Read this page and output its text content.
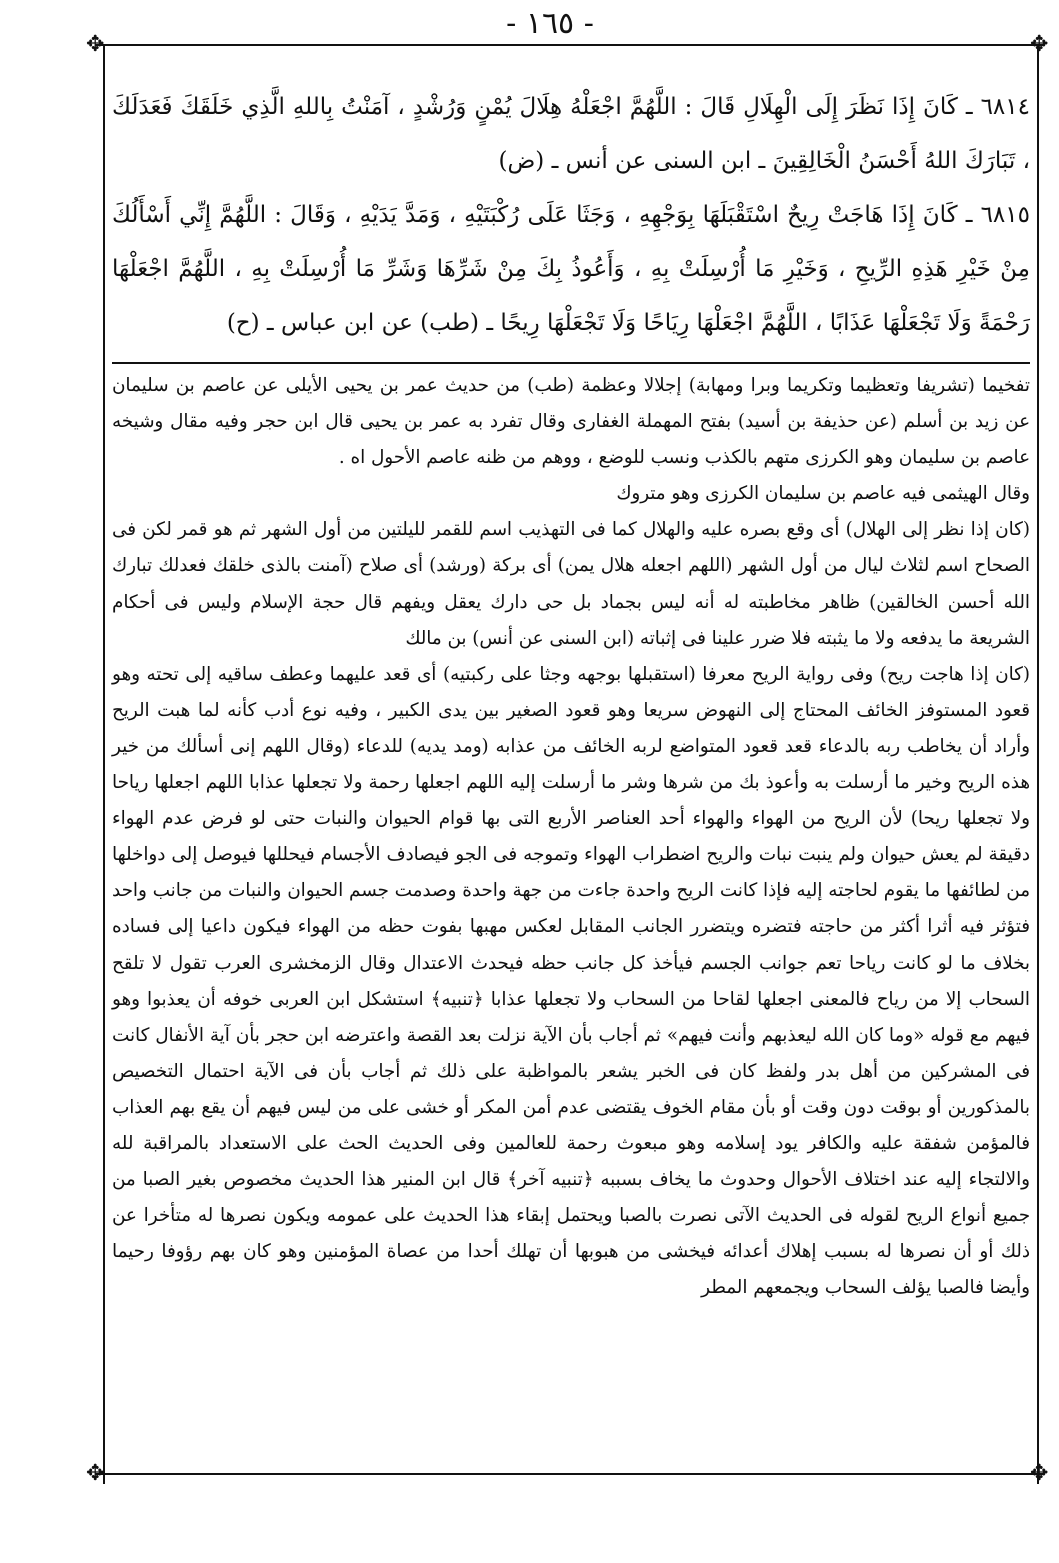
✥	✥
✥	✥
- ١٦٥ -

٦٨١٤ ـ كَانَ إِذَا نَظَرَ إِلَى الْهِلَالِ قَالَ : اللَّهُمَّ اجْعَلْهُ هِلَالَ يُمْنٍ وَرُشْدٍ ، آمَنْتُ بِاللهِ الَّذِي خَلَقَكَ فَعَدَلَكَ ، تَبَارَكَ اللهُ أَحْسَنُ الْخَالِقِينَ ـ ابن السنى عن أنس ـ (ض)

٦٨١٥ ـ كَانَ إِذَا هَاجَتْ رِيحٌ اسْتَقْبَلَهَا بِوَجْهِهِ ، وَجَثَا عَلَى رُكْبَتَيْهِ ، وَمَدَّ يَدَيْهِ ، وَقَالَ : اللَّهُمَّ إِنِّي أَسْأَلُكَ مِنْ خَيْرِ هَذِهِ الرِّيحِ ، وَخَيْرِ مَا أُرْسِلَتْ بِهِ ، وَأَعُوذُ بِكَ مِنْ شَرِّهَا وَشَرِّ مَا أُرْسِلَتْ بِهِ ، اللَّهُمَّ اجْعَلْهَا رَحْمَةً وَلَا تَجْعَلْهَا عَذَابًا ، اللَّهُمَّ اجْعَلْهَا رِيَاحًا وَلَا تَجْعَلْهَا رِيحًا ـ (طب) عن ابن عباس ـ (ح)

تفخيما (تشريفا وتعظيما وتكريما وبرا ومهابة) إجلالا وعظمة (طب) من حديث عمر بن يحيى الأيلى عن عاصم بن سليمان عن زيد بن أسلم (عن حذيفة بن أسيد) بفتح المهملة الغفارى وقال تفرد به عمر بن يحيى قال ابن حجر وفيه مقال وشيخه عاصم بن سليمان وهو الكرزى متهم بالكذب ونسب للوضع ، ووهم من ظنه عاصم الأحول اه .

وقال الهيثمى فيه عاصم بن سليمان الكرزى وهو متروك

(كان إذا نظر إلى الهلال) أى وقع بصره عليه والهلال كما فى التهذيب اسم للقمر لليلتين من أول الشهر ثم هو قمر لكن فى الصحاح اسم لثلاث ليال من أول الشهر (اللهم اجعله هلال يمن) أى بركة (ورشد) أى صلاح (آمنت بالذى خلقك فعدلك تبارك الله أحسن الخالقين) ظاهر مخاطبته له أنه ليس بجماد بل حى دارك يعقل ويفهم قال حجة الإسلام وليس فى أحكام الشريعة ما يدفعه ولا ما يثبته فلا ضرر علينا فى إثباته (ابن السنى عن أنس) بن مالك

(كان إذا هاجت ريح) وفى رواية الريح معرفا (استقبلها بوجهه وجثا على ركبتيه) أى قعد عليهما وعطف ساقيه إلى تحته وهو قعود المستوفز الخائف المحتاج إلى النهوض سريعا وهو قعود الصغير بين يدى الكبير ، وفيه نوع أدب كأنه لما هبت الريح وأراد أن يخاطب ربه بالدعاء قعد قعود المتواضع لربه الخائف من عذابه (ومد يديه) للدعاء (وقال اللهم إنى أسألك من خير هذه الريح وخير ما أرسلت به وأعوذ بك من شرها وشر ما أرسلت إليه اللهم اجعلها رحمة ولا تجعلها عذابا اللهم اجعلها رياحا ولا تجعلها ريحا) لأن الريح من الهواء والهواء أحد العناصر الأربع التى بها قوام الحيوان والنبات حتى لو فرض عدم الهواء دقيقة لم يعش حيوان ولم ينبت نبات والريح اضطراب الهواء وتموجه فى الجو فيصادف الأجسام فيحللها فيوصل إلى دواخلها من لطائفها ما يقوم لحاجته إليه فإذا كانت الريح واحدة جاءت من جهة واحدة وصدمت جسم الحيوان والنبات من جانب واحد فتؤثر فيه أثرا أكثر من حاجته فتضره ويتضرر الجانب المقابل لعكس مهبها بفوت حظه من الهواء فيكون داعيا إلى فساده بخلاف ما لو كانت رياحا تعم جوانب الجسم فيأخذ كل جانب حظه فيحدث الاعتدال وقال الزمخشرى العرب تقول لا تلقح السحاب إلا من رياح فالمعنى اجعلها لقاحا من السحاب ولا تجعلها عذابا ﴿تنبيه﴾ استشكل ابن العربى خوفه أن يعذبوا وهو فيهم مع قوله «وما كان الله ليعذبهم وأنت فيهم» ثم أجاب بأن الآية نزلت بعد القصة واعترضه ابن حجر بأن آية الأنفال كانت فى المشركين من أهل بدر ولفظ كان فى الخبر يشعر بالمواظبة على ذلك ثم أجاب بأن فى الآية احتمال التخصيص بالمذكورين أو بوقت دون وقت أو بأن مقام الخوف يقتضى عدم أمن المكر أو خشى على من ليس فيهم أن يقع بهم العذاب فالمؤمن شفقة عليه والكافر يود إسلامه وهو مبعوث رحمة للعالمين وفى الحديث الحث على الاستعداد بالمراقبة لله والالتجاء إليه عند اختلاف الأحوال وحدوث ما يخاف بسببه ﴿تنبيه آخر﴾ قال ابن المنير هذا الحديث مخصوص بغير الصبا من جميع أنواع الريح لقوله فى الحديث الآتى نصرت بالصبا ويحتمل إبقاء هذا الحديث على عمومه ويكون نصرها له متأخرا عن ذلك أو أن نصرها له بسبب إهلاك أعدائه فيخشى من هبوبها أن تهلك أحدا من عصاة المؤمنين وهو كان بهم رؤوفا رحيما وأيضا فالصبا يؤلف السحاب ويجمعهم المطر
